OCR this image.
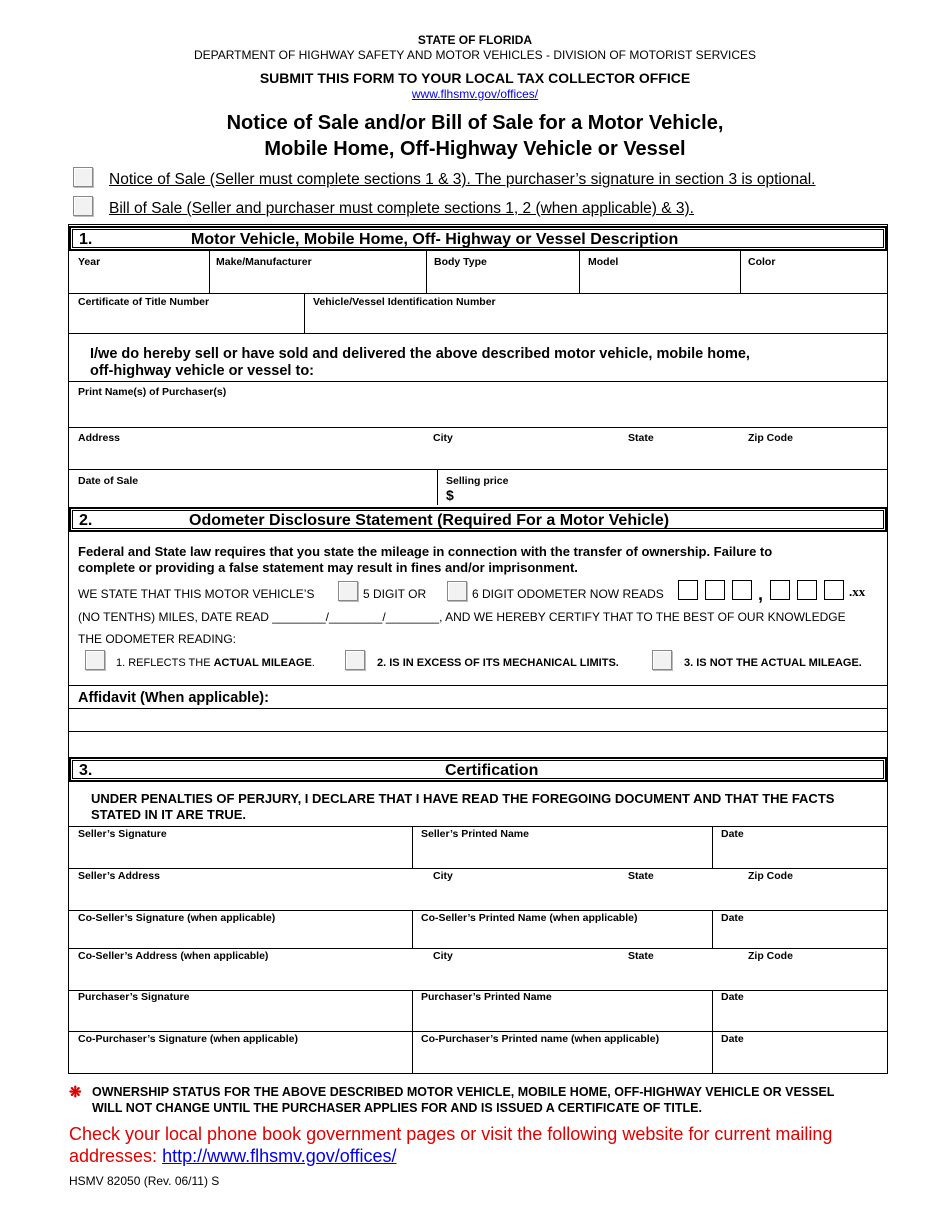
STATE OF FLORIDA
DEPARTMENT OF HIGHWAY SAFETY AND MOTOR VEHICLES - DIVISION OF MOTORIST SERVICES
SUBMIT THIS FORM TO YOUR LOCAL TAX COLLECTOR OFFICE
www.flhsmv.gov/offices/
Notice of Sale and/or Bill of Sale for a Motor Vehicle,
Mobile Home, Off-Highway Vehicle or Vessel
Notice of Sale (Seller must complete sections 1 & 3). The purchaser’s signature in section 3 is optional.
Bill of Sale (Seller and purchaser must complete sections 1, 2 (when applicable) & 3).
1.	Motor Vehicle, Mobile Home, Off- Highway or Vessel Description
Year	Make/Manufacturer	Body Type	Model	Color
Certificate of Title Number	Vehicle/Vessel Identification Number
I/we do hereby sell or have sold and delivered the above described motor vehicle, mobile home,
off-highway vehicle or vessel to:
Print Name(s) of Purchaser(s)
Address	City	State	Zip Code
Date of Sale	Selling price
$
2.	Odometer Disclosure Statement (Required For a Motor Vehicle)
Federal and State law requires that you state the mileage in connection with the transfer of ownership. Failure to
complete or providing a false statement may result in fines and/or imprisonment.
WE STATE THAT THIS MOTOR VEHICLE’S	5 DIGIT OR	6 DIGIT ODOMETER NOW READS	,	.xx
(NO TENTHS) MILES, DATE READ ________/________/________, AND WE HEREBY CERTIFY THAT TO THE BEST OF OUR KNOWLEDGE
THE ODOMETER READING:
1. REFLECTS THE ACTUAL MILEAGE.	2. IS IN EXCESS OF ITS MECHANICAL LIMITS.	3. IS NOT THE ACTUAL MILEAGE.
Affidavit (When applicable):
3.	Certification
UNDER PENALTIES OF PERJURY, I DECLARE THAT I HAVE READ THE FOREGOING DOCUMENT AND THAT THE FACTS
STATED IN IT ARE TRUE.
Seller’s Signature	Seller’s Printed Name	Date
Seller’s Address	City	State	Zip Code
Co-Seller’s Signature (when applicable)	Co-Seller’s Printed Name (when applicable)	Date
Co-Seller’s Address (when applicable)	City	State	Zip Code
Purchaser’s Signature	Purchaser’s Printed Name	Date
Co-Purchaser’s Signature (when applicable)	Co-Purchaser’s Printed name (when applicable)	Date
❋ OWNERSHIP STATUS FOR THE ABOVE DESCRIBED MOTOR VEHICLE, MOBILE HOME, OFF-HIGHWAY VEHICLE OR VESSEL
WILL NOT CHANGE UNTIL THE PURCHASER APPLIES FOR AND IS ISSUED A CERTIFICATE OF TITLE.
Check your local phone book government pages or visit the following website for current mailing
addresses: http://www.flhsmv.gov/offices/
HSMV 82050 (Rev. 06/11) S
